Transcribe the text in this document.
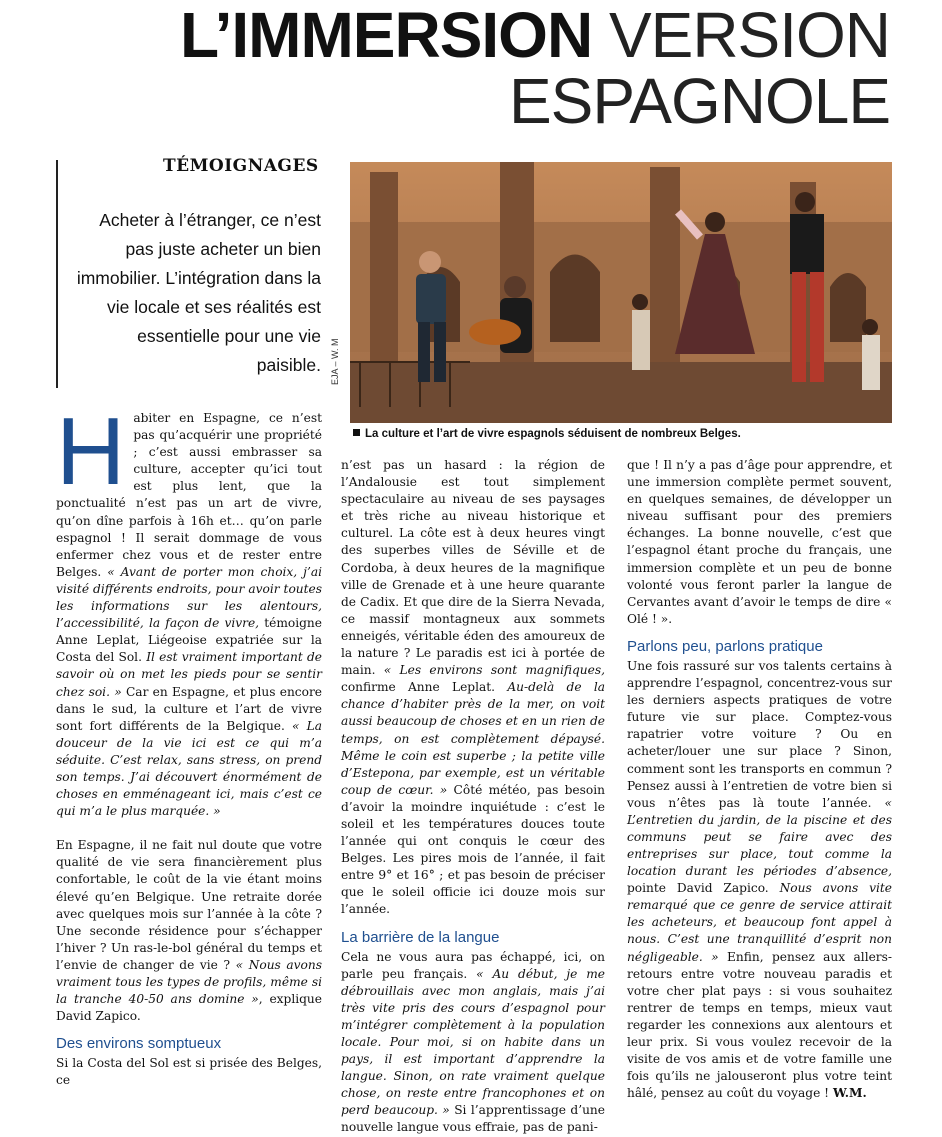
L’IMMERSION VERSION
ESPAGNOLE
TÉMOIGNAGES
Acheter à l’étranger, ce n’est pas juste acheter un bien immobilier. L’intégration dans la vie locale et ses réalités est essentielle pour une vie paisible. EJA – W. M
La culture et l’art de vivre espagnols séduisent de nombreux Belges.

Habiter en Espagne, ce n’est pas qu’acquérir une propriété ; c’est aussi embrasser sa culture, accepter qu’ici tout est plus lent, que la ponctualité n’est pas un art de vivre, qu’on dîne parfois à 16h et… qu’on parle espagnol ! Il serait dommage de vous enfermer chez vous et de rester entre Belges. « Avant de porter mon choix, j’ai visité différents endroits, pour avoir toutes les informations sur les alentours, l’accessibilité, la façon de vivre, témoigne Anne Leplat, Liégeoise expatriée sur la Costa del Sol. Il est vraiment important de savoir où on met les pieds pour se sentir chez soi. » Car en Espagne, et plus encore dans le sud, la culture et l’art de vivre sont fort différents de la Belgique. « La douceur de la vie ici est ce qui m’a séduite. C’est relax, sans stress, on prend son temps. J’ai découvert énormément de choses en emménageant ici, mais c’est ce qui m’a le plus marquée. »

En Espagne, il ne fait nul doute que votre qualité de vie sera financièrement plus confortable, le coût de la vie étant moins élevé qu’en Belgique. Une retraite dorée avec quelques mois sur l’année à la côte ? Une seconde résidence pour s’échapper l’hiver ? Un ras-le-bol général du temps et l’envie de changer de vie ? « Nous avons vraiment tous les types de profils, même si la tranche 40-50 ans domine », explique David Zapico.

Des environs somptueux

Si la Costa del Sol est si prisée des Belges, ce

n’est pas un hasard : la région de l’Andalousie est tout simplement spectaculaire au niveau de ses paysages et très riche au niveau historique et culturel. La côte est à deux heures vingt des superbes villes de Séville et de Cordoba, à deux heures de la magnifique ville de Grenade et à une heure quarante de Cadix. Et que dire de la Sierra Nevada, ce massif montagneux aux sommets enneigés, véritable éden des amoureux de la nature ? Le paradis est ici à portée de main. « Les environs sont magnifiques, confirme Anne Leplat. Au-delà de la chance d’habiter près de la mer, on voit aussi beaucoup de choses et en un rien de temps, on est complètement dépaysé. Même le coin est superbe ; la petite ville d’Estepona, par exemple, est un véritable coup de cœur. » Côté météo, pas besoin d’avoir la moindre inquiétude : c’est le soleil et les températures douces toute l’année qui ont conquis le cœur des Belges. Les pires mois de l’année, il fait entre 9° et 16° ; et pas besoin de préciser que le soleil officie ici douze mois sur l’année.

La barrière de la langue

Cela ne vous aura pas échappé, ici, on parle peu français. « Au début, je me débrouillais avec mon anglais, mais j’ai très vite pris des cours d’espagnol pour m’intégrer complètement à la population locale. Pour moi, si on habite dans un pays, il est important d’apprendre la langue. Sinon, on rate vraiment quelque chose, on reste entre francophones et on perd beaucoup. » Si l’apprentissage d’une nouvelle langue vous effraie, pas de pani-

que ! Il n’y a pas d’âge pour apprendre, et une immersion complète permet souvent, en quelques semaines, de développer un niveau suffisant pour des premiers échanges. La bonne nouvelle, c’est que l’espagnol étant proche du français, une immersion complète et un peu de bonne volonté vous feront parler la langue de Cervantes avant d’avoir le temps de dire « Olé ! ».

Parlons peu, parlons pratique

Une fois rassuré sur vos talents certains à apprendre l’espagnol, concentrez-vous sur les derniers aspects pratiques de votre future vie sur place. Comptez-vous rapatrier votre voiture ? Ou en acheter/louer une sur place ? Sinon, comment sont les transports en commun ? Pensez aussi à l’entretien de votre bien si vous n’êtes pas là toute l’année. « L’entretien du jardin, de la piscine et des communs peut se faire avec des entreprises sur place, tout comme la location durant les périodes d’absence, pointe David Zapico. Nous avons vite remarqué que ce genre de service attirait les acheteurs, et beaucoup font appel à nous. C’est une tranquillité d’esprit non négligeable. » Enfin, pensez aux allers-retours entre votre nouveau paradis et votre cher plat pays : si vous souhaitez rentrer de temps en temps, mieux vaut regarder les connexions aux alentours et leur prix. Si vous voulez recevoir de la visite de vos amis et de votre famille une fois qu’ils ne jalouseront plus votre teint hâlé, pensez au coût du voyage ! W.M.
